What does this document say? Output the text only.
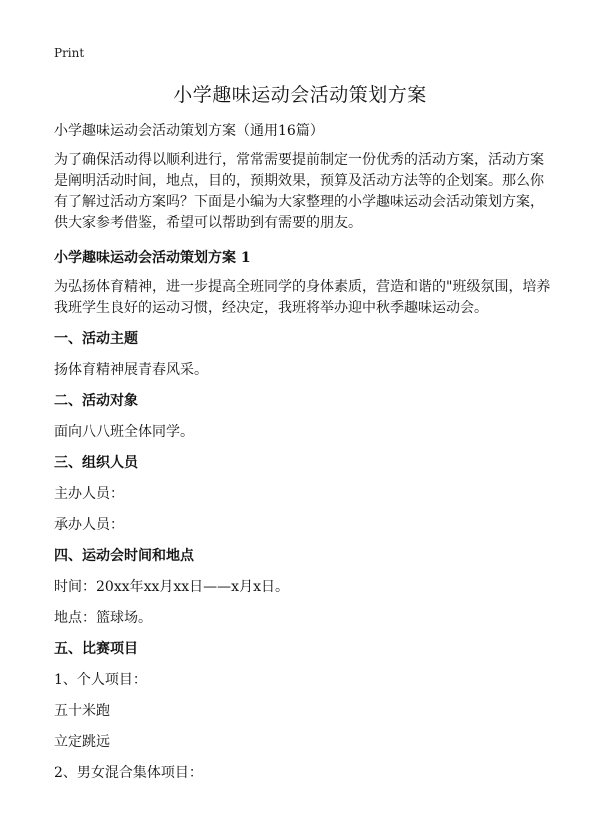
Print
小学趣味运动会活动策划方案

小学趣味运动会活动策划方案（通用16篇）

为了确保活动得以顺利进行，常常需要提前制定一份优秀的活动方案，活动方案是阐明活动时间，地点，目的，预期效果，预算及活动方法等的企划案。那么你有了解过活动方案吗？下面是小编为大家整理的小学趣味运动会活动策划方案，供大家参考借鉴，希望可以帮助到有需要的朋友。

小学趣味运动会活动策划方案 1

为弘扬体育精神，进一步提高全班同学的身体素质，营造和谐的"班级氛围，培养我班学生良好的运动习惯，经决定，我班将举办迎中秋季趣味运动会。

一、活动主题

扬体育精神展青春风采。

二、活动对象

面向八八班全体同学。

三、组织人员

主办人员：

承办人员：

四、运动会时间和地点

时间：20xx年xx月xx日——x月x日。

地点：篮球场。

五、比赛项目

1、个人项目：

五十米跑

立定跳远

2、男女混合集体项目：
